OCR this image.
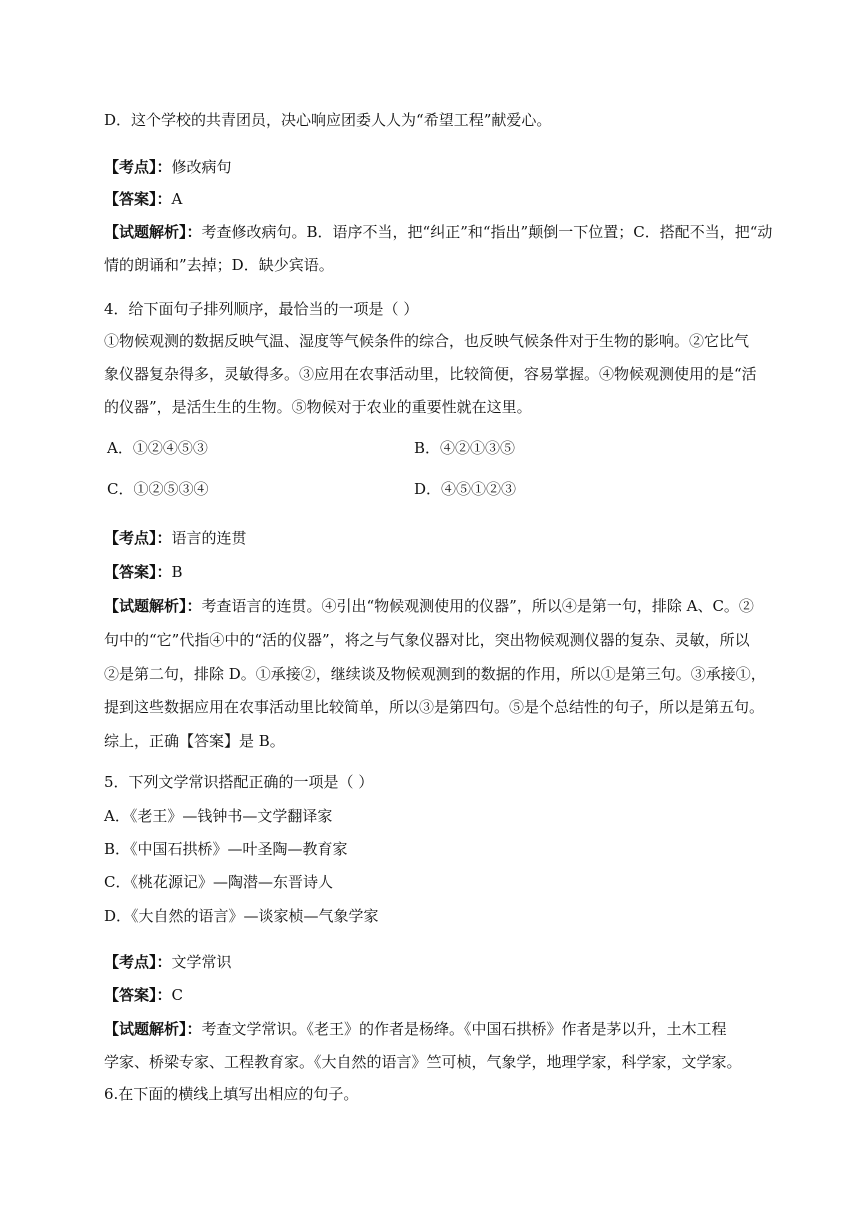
D．这个学校的共青团员，决心响应团委人人为“希望工程”献爱心。
【考点】：修改病句
【答案】：A
【试题解析】：考查修改病句。B．语序不当，把“纠正”和“指出”颠倒一下位置；C．搭配不当，把“动
情的朗诵和”去掉；D．缺少宾语。
4．给下面句子排列顺序，最恰当的一项是（ ）
①物候观测的数据反映气温、湿度等气候条件的综合，也反映气候条件对于生物的影响。②它比气
象仪器复杂得多，灵敏得多。③应用在农事活动里，比较简便，容易掌握。④物候观测使用的是“活
的仪器”，是活生生的生物。⑤物候对于农业的重要性就在这里。
A．①②④⑤③	B．④②①③⑤
C．①②⑤③④	D．④⑤①②③
【考点】：语言的连贯
【答案】：B
【试题解析】：考查语言的连贯。④引出“物候观测使用的仪器”，所以④是第一句，排除 A、C。②
句中的“它”代指④中的“活的仪器”，将之与气象仪器对比，突出物候观测仪器的复杂、灵敏，所以
②是第二句，排除 D。①承接②，继续谈及物候观测到的数据的作用，所以①是第三句。③承接①，
提到这些数据应用在农事活动里比较简单，所以③是第四句。⑤是个总结性的句子，所以是第五句。
综上，正确【答案】是 B。
5．下列文学常识搭配正确的一项是（ ）
A．《老王》—钱钟书—文学翻译家
B．《中国石拱桥》—叶圣陶—教育家
C．《桃花源记》—陶潜—东晋诗人
D．《大自然的语言》—谈家桢—气象学家
【考点】：文学常识
【答案】：C
【试题解析】：考查文学常识。《老王》的作者是杨绛。《中国石拱桥》作者是茅以升，土木工程
学家、桥梁专家、工程教育家。《大自然的语言》竺可桢，气象学，地理学家，科学家，文学家。
6.在下面的横线上填写出相应的句子。
